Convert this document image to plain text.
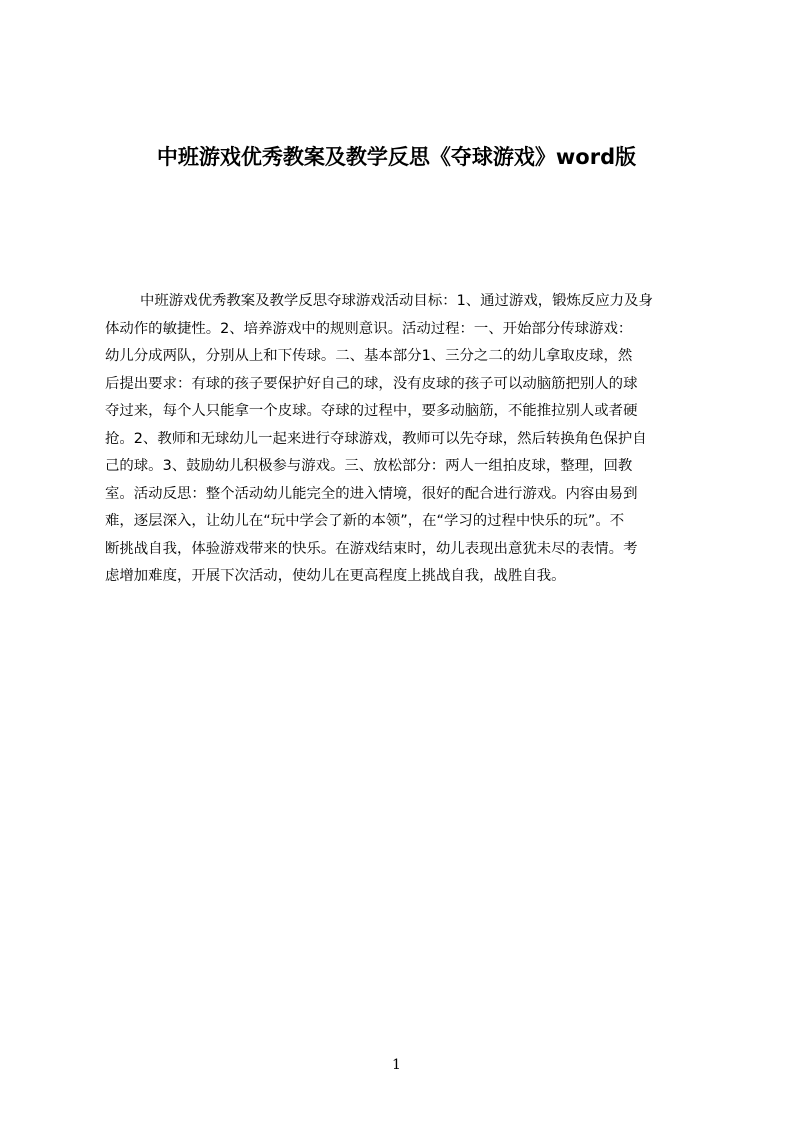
中班游戏优秀教案及教学反思《夺球游戏》word版
中班游戏优秀教案及教学反思夺球游戏活动目标：1、通过游戏，锻炼反应力及身
体动作的敏捷性。2、培养游戏中的规则意识。活动过程：一、开始部分传球游戏：
幼儿分成两队，分别从上和下传球。二、基本部分1、三分之二的幼儿拿取皮球，然
后提出要求：有球的孩子要保护好自己的球，没有皮球的孩子可以动脑筋把别人的球
夺过来，每个人只能拿一个皮球。夺球的过程中，要多动脑筋，不能推拉别人或者硬
抢。2、教师和无球幼儿一起来进行夺球游戏，教师可以先夺球，然后转换角色保护自
己的球。3、鼓励幼儿积极参与游戏。三、放松部分：两人一组拍皮球，整理，回教
室。活动反思：整个活动幼儿能完全的进入情境，很好的配合进行游戏。内容由易到
难，逐层深入，让幼儿在“玩中学会了新的本领”，在“学习的过程中快乐的玩”。不
断挑战自我，体验游戏带来的快乐。在游戏结束时，幼儿表现出意犹未尽的表情。考
虑增加难度，开展下次活动，使幼儿在更高程度上挑战自我，战胜自我。
1
